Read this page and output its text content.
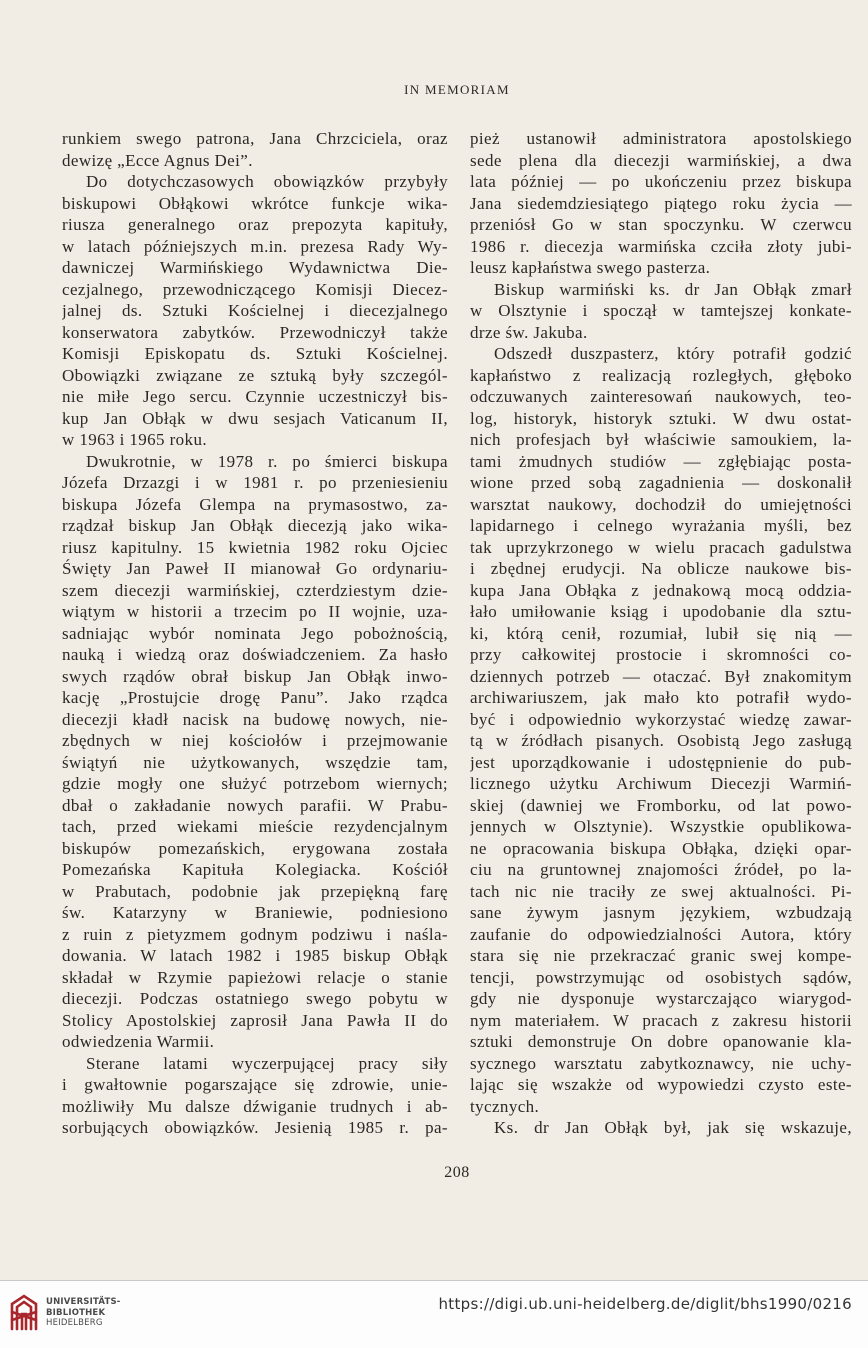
IN MEMORIAM
runkiem swego patrona, Jana Chrzciciela, oraz
dewizę „Ecce Agnus Dei”.
Do dotychczasowych obowiązków przybyły
biskupowi Obłąkowi wkrótce funkcje wika-
riusza generalnego oraz prepozyta kapituły,
w latach późniejszych m.in. prezesa Rady Wy-
dawniczej Warmińskiego Wydawnictwa Die-
cezjalnego, przewodniczącego Komisji Diecez-
jalnej ds. Sztuki Kościelnej i diecezjalnego
konserwatora zabytków. Przewodniczył także
Komisji Episkopatu ds. Sztuki Kościelnej.
Obowiązki związane ze sztuką były szczegól-
nie miłe Jego sercu. Czynnie uczestniczył bis-
kup Jan Obłąk w dwu sesjach Vaticanum II,
w 1963 i 1965 roku.
Dwukrotnie, w 1978 r. po śmierci biskupa
Józefa Drzazgi i w 1981 r. po przeniesieniu
biskupa Józefa Glempa na prymasostwo, za-
rządzał biskup Jan Obłąk diecezją jako wika-
riusz kapitulny. 15 kwietnia 1982 roku Ojciec
Święty Jan Paweł II mianował Go ordynariu-
szem diecezji warmińskiej, czterdziestym dzie-
wiątym w historii a trzecim po II wojnie, uza-
sadniając wybór nominata Jego pobożnością,
nauką i wiedzą oraz doświadczeniem. Za hasło
swych rządów obrał biskup Jan Obłąk inwo-
kację „Prostujcie drogę Panu”. Jako rządca
diecezji kładł nacisk na budowę nowych, nie-
zbędnych w niej kościołów i przejmowanie
świątyń nie użytkowanych, wszędzie tam,
gdzie mogły one służyć potrzebom wiernych;
dbał o zakładanie nowych parafii. W Prabu-
tach, przed wiekami mieście rezydencjalnym
biskupów pomezańskich, erygowana została
Pomezańska Kapituła Kolegiacka. Kościół
w Prabutach, podobnie jak przepiękną farę
św. Katarzyny w Braniewie, podniesiono
z ruin z pietyzmem godnym podziwu i naśla-
dowania. W latach 1982 i 1985 biskup Obłąk
składał w Rzymie papieżowi relacje o stanie
diecezji. Podczas ostatniego swego pobytu w
Stolicy Apostolskiej zaprosił Jana Pawła II do
odwiedzenia Warmii.
Sterane latami wyczerpującej pracy siły
i gwałtownie pogarszające się zdrowie, unie-
możliwiły Mu dalsze dźwiganie trudnych i ab-
sorbujących obowiązków. Jesienią 1985 r. pa-
pież ustanowił administratora apostolskiego
sede plena dla diecezji warmińskiej, a dwa
lata później — po ukończeniu przez biskupa
Jana siedemdziesiątego piątego roku życia —
przeniósł Go w stan spoczynku. W czerwcu
1986 r. diecezja warmińska czciła złoty jubi-
leusz kapłaństwa swego pasterza.
Biskup warmiński ks. dr Jan Obłąk zmarł
w Olsztynie i spoczął w tamtejszej konkate-
drze św. Jakuba.
Odszedł duszpasterz, który potrafił godzić
kapłaństwo z realizacją rozległych, głęboko
odczuwanych zainteresowań naukowych, teo-
log, historyk, historyk sztuki. W dwu ostat-
nich profesjach był właściwie samoukiem, la-
tami żmudnych studiów — zgłębiając posta-
wione przed sobą zagadnienia — doskonalił
warsztat naukowy, dochodził do umiejętności
lapidarnego i celnego wyrażania myśli, bez
tak uprzykrzonego w wielu pracach gadulstwa
i zbędnej erudycji. Na oblicze naukowe bis-
kupa Jana Obłąka z jednakową mocą oddzia-
łało umiłowanie ksiąg i upodobanie dla sztu-
ki, którą cenił, rozumiał, lubił się nią —
przy całkowitej prostocie i skromności co-
dziennych potrzeb — otaczać. Był znakomitym
archiwariuszem, jak mało kto potrafił wydo-
być i odpowiednio wykorzystać wiedzę zawar-
tą w źródłach pisanych. Osobistą Jego zasługą
jest uporządkowanie i udostępnienie do pub-
licznego użytku Archiwum Diecezji Warmiń-
skiej (dawniej we Fromborku, od lat powo-
jennych w Olsztynie). Wszystkie opublikowa-
ne opracowania biskupa Obłąka, dzięki opar-
ciu na gruntownej znajomości źródeł, po la-
tach nic nie traciły ze swej aktualności. Pi-
sane żywym jasnym językiem, wzbudzają
zaufanie do odpowiedzialności Autora, który
stara się nie przekraczać granic swej kompe-
tencji, powstrzymując od osobistych sądów,
gdy nie dysponuje wystarczająco wiarygod-
nym materiałem. W pracach z zakresu historii
sztuki demonstruje On dobre opanowanie kla-
sycznego warsztatu zabytkoznawcy, nie uchy-
lając się wszakże od wypowiedzi czysto este-
tycznych.
Ks. dr Jan Obłąk był, jak się wskazuje,
208
UNIVERSITÄTS-
BIBLIOTHEK
HEIDELBERG
https://digi.ub.uni-heidelberg.de/diglit/bhs1990/0216
